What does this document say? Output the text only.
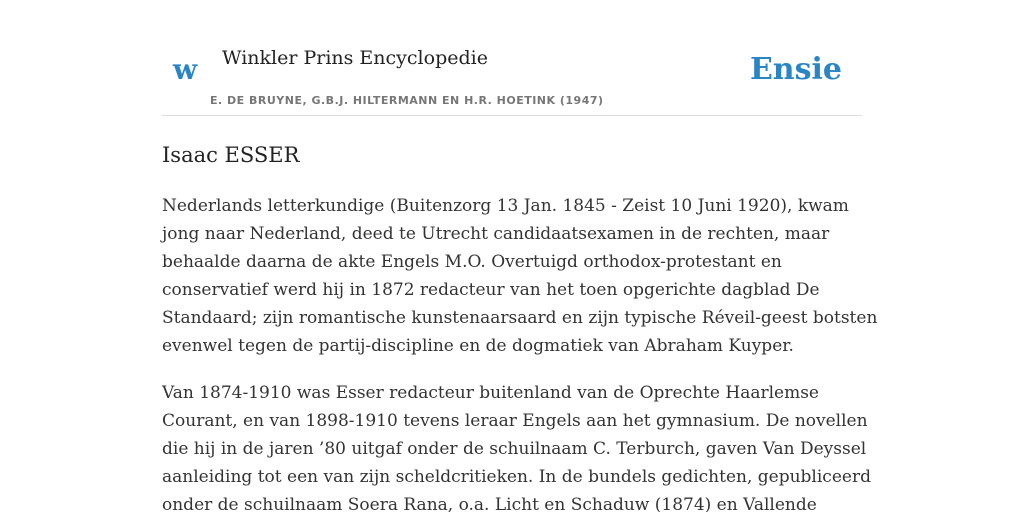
w Winkler Prins Encyclopedie
E. DE BRUYNE, G.B.J. HILTERMANN EN H.R. HOETINK (1947)
Ensie
Isaac ESSER

Nederlands letterkundige (Buitenzorg 13 Jan. 1845 - Zeist 10 Juni 1920), kwam
jong naar Nederland, deed te Utrecht candidaatsexamen in de rechten, maar
behaalde daarna de akte Engels M.O. Overtuigd orthodox-protestant en
conservatief werd hij in 1872 redacteur van het toen opgerichte dagblad De
Standaard; zijn romantische kunstenaarsaard en zijn typische Réveil-geest botsten
evenwel tegen de partij-discipline en de dogmatiek van Abraham Kuyper.

Van 1874-1910 was Esser redacteur buitenland van de Oprechte Haarlemse
Courant, en van 1898-1910 tevens leraar Engels aan het gymnasium. De novellen
die hij in de jaren ’80 uitgaf onder de schuilnaam C. Terburch, gaven Van Deyssel
aanleiding tot een van zijn scheldcritieken. In de bundels gedichten, gepubliceerd
onder de schuilnaam Soera Rana, o.a. Licht en Schaduw (1874) en Vallende
